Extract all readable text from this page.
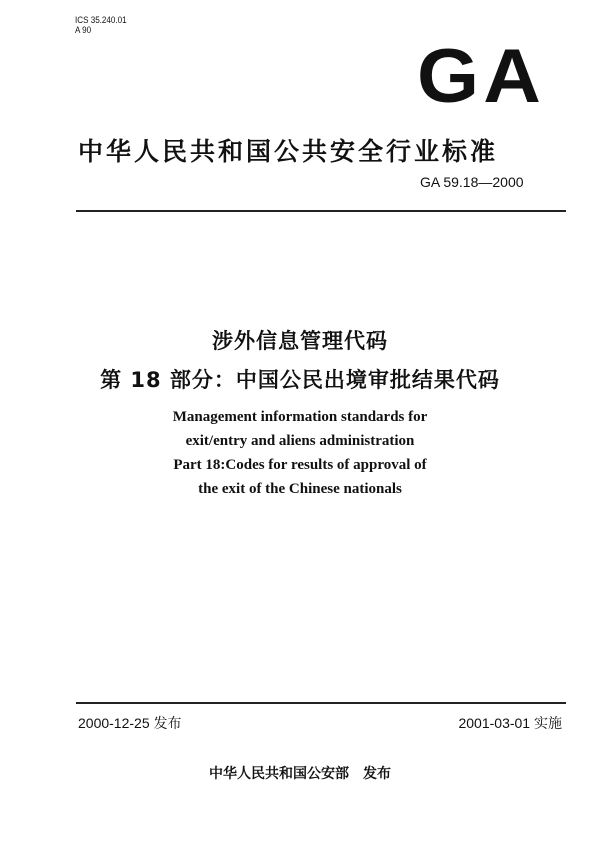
ICS 35.240.01
A 90
GA
中华人民共和国公共安全行业标准
GA 59.18—2000
涉外信息管理代码
第 18 部分：中国公民出境审批结果代码
Management information standards for
exit/entry and aliens administration
Part 18:Codes for results of approval of
the exit of the Chinese nationals
2000-12-25 发布	2001-03-01 实施
中华人民共和国公安部　发布
